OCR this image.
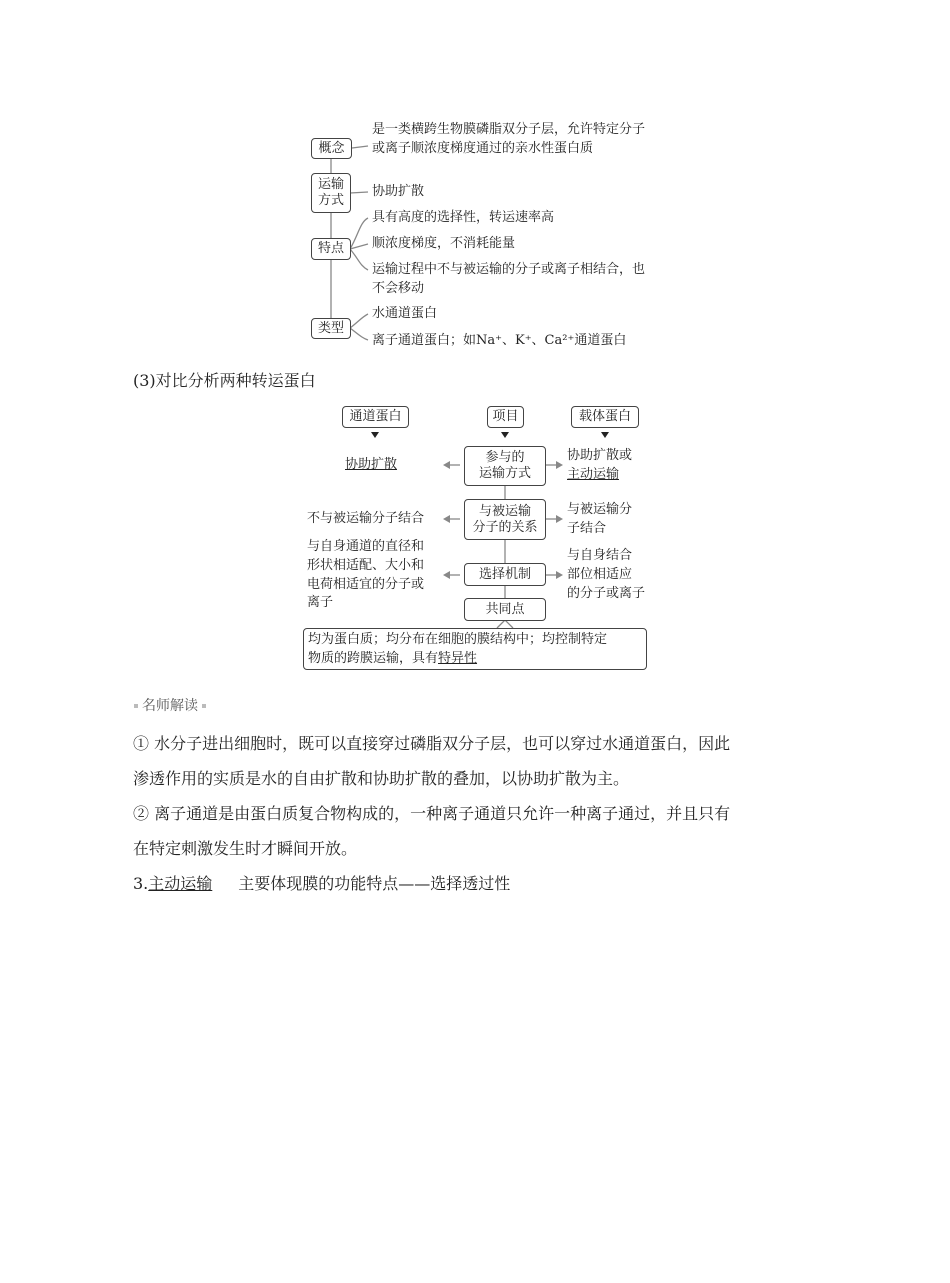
概念
是一类横跨生物膜磷脂双分子层，允许特定分子或离子顺浓度梯度通过的亲水性蛋白质
运输
方式
协助扩散
特点
具有高度的选择性，转运速率高
顺浓度梯度，不消耗能量
运输过程中不与被运输的分子或离子相结合，也不会移动
类型
水通道蛋白
离子通道蛋白；如Na⁺、K⁺、Ca²⁺通道蛋白
(3)对比分析两种转运蛋白
通道蛋白	项目	载体蛋白
参与的
运输方式
协助扩散
协助扩散或
主动运输
与被运输
分子的关系
不与被运输分子结合
与被运输分
子结合
选择机制
与自身通道的直径和
形状相适配、大小和
电荷相适宜的分子或
离子
与自身结合
部位相适应
的分子或离子
共同点
均为蛋白质；均分布在细胞的膜结构中；均控制特定
物质的跨膜运输，具有特异性
名师解读
① 水分子进出细胞时，既可以直接穿过磷脂双分子层，也可以穿过水通道蛋白，因此
渗透作用的实质是水的自由扩散和协助扩散的叠加，以协助扩散为主。
② 离子通道是由蛋白质复合物构成的，一种离子通道只允许一种离子通过，并且只有
在特定刺激发生时才瞬间开放。
3.主动运输 主要体现膜的功能特点——选择透过性
